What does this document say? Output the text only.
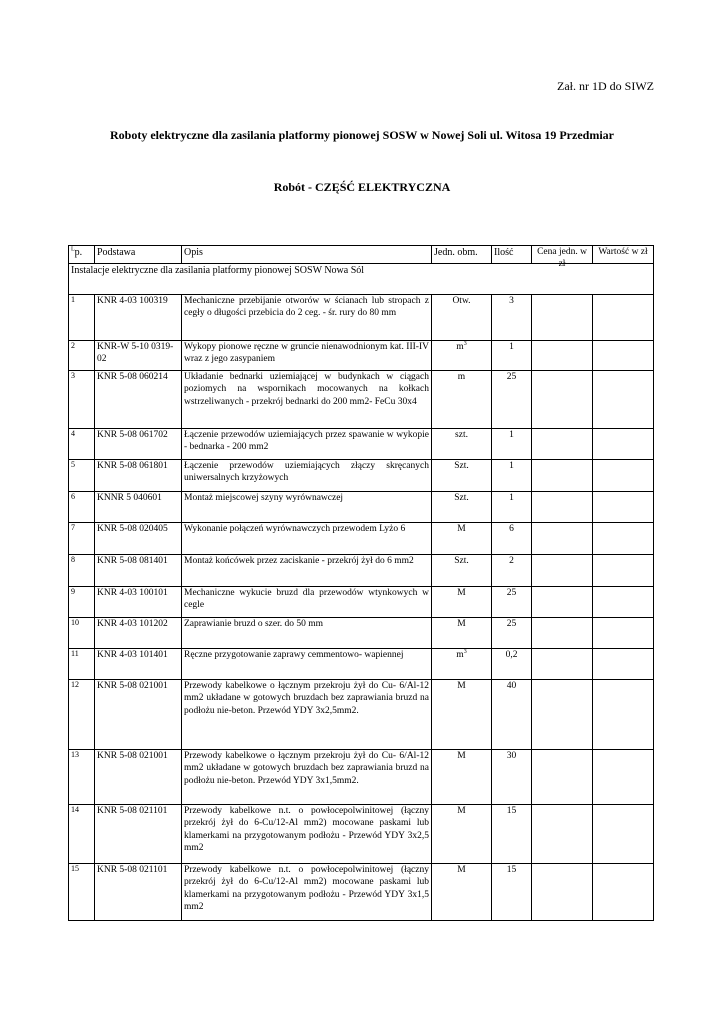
Zał. nr 1D do SIWZ
Roboty elektryczne dla zasilania platformy pionowej SOSW w Nowej Soli ul. Witosa 19 Przedmiar
Robót - CZĘŚĆ ELEKTRYCZNA
$^L$p.	Podstawa	Opis	Jedn. obm.	Ilość	Cena jedn. w zł	Wartość w zł

Instalacje elektryczne dla zasilania platformy pionowej SOSW Nowa Sól						
1	KNR 4-03 100319	Mechaniczne przebijanie otworów w ścianach lub stropach z cegły o długości przebicia do 2 ceg. - śr. rury do 80 mm	Otw.	3		
2	KNR-W 5-10 0319-02	Wykopy pionowe ręczne w gruncie nienawodnionym kat. III-IV wraz z jego zasypaniem	$m^3$	1		
3	KNR 5-08 060214	Układanie bednarki uziemiającej w budynkach w ciągach poziomych na wspornikach mocowanych na kołkach wstrzeliwanych - przekrój bednarki do 200 mm2- FeCu 30x4	m	25		
4	KNR 5-08 061702	Łączenie przewodów uziemiających przez spawanie w wykopie - bednarka - 200 mm2	szt.	1		
5	KNR 5-08 061801	Łączenie przewodów uziemiających złączy skręcanych uniwersalnych krzyżowych	Szt.	1		
6	KNNR 5 040601	Montaż miejscowej szyny wyrównawczej	Szt.	1		
7	KNR 5-08 020405	Wykonanie połączeń wyrównawczych przewodem Lyżo 6	M	6		
8	KNR 5-08 081401	Montaż końcówek przez zaciskanie - przekrój żył do 6 mm2	Szt.	2		
9	KNR 4-03 100101	Mechaniczne wykucie bruzd dla przewodów wtynkowych w cegle	M	25		
10	KNR 4-03 101202	Zaprawianie bruzd o szer. do 50 mm	M	25		
11	KNR 4-03 101401	Ręczne przygotowanie zaprawy cemmentowo- wapiennej	$m^3$	0,2		
12	KNR 5-08 021001	Przewody kabelkowe o łącznym przekroju żył do Cu- 6/Al-12 mm2 układane w gotowych bruzdach bez zaprawiania bruzd na podłożu nie-beton. Przewód YDY 3x2,5mm2.	M	40		
13	KNR 5-08 021001	Przewody kabelkowe o łącznym przekroju żył do Cu- 6/Al-12 mm2 układane w gotowych bruzdach bez zaprawiania bruzd na podłożu nie-beton. Przewód YDY 3x1,5mm2.	M	30		
14	KNR 5-08 021101	Przewody kabelkowe n.t. o powłocepolwinitowej (łączny przekrój żył do 6-Cu/12-Al mm2) mocowane paskami lub klamerkami na przygotowanym podłożu - Przewód YDY 3x2,5 mm2	M	15		
15	KNR 5-08 021101	Przewody kabelkowe n.t. o powłocepolwinitowej (łączny przekrój żył do 6-Cu/12-Al mm2) mocowane paskami lub klamerkami na przygotowanym podłożu - Przewód YDY 3x1,5 mm2	M	15		
